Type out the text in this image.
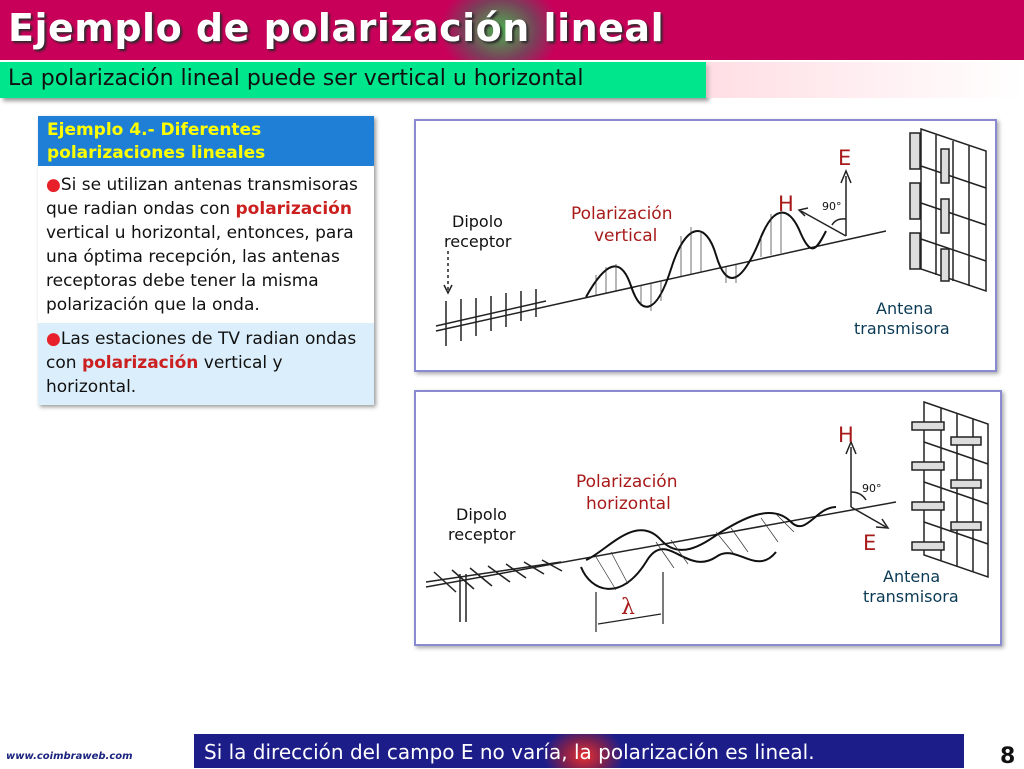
Ejemplo de polarización lineal
La polarización lineal puede ser vertical u horizontal
Ejemplo 4.- Diferentes polarizaciones lineales
●Si se utilizan antenas transmisoras que radian ondas con polarización vertical u horizontal, entonces, para una óptima recepción, las antenas receptoras debe tener la misma polarización que la onda.
●Las estaciones de TV radian ondas con polarización vertical y horizontal.
Dipolo
receptor
Polarización
vertical
E
H	90°
Antena
transmisora
Dipolo
receptor
Polarización
horizontal
H
E
90°
λ
Antena
transmisora
www.coimbraweb.com	Si la dirección del campo E no varía, la polarización es lineal.	8
